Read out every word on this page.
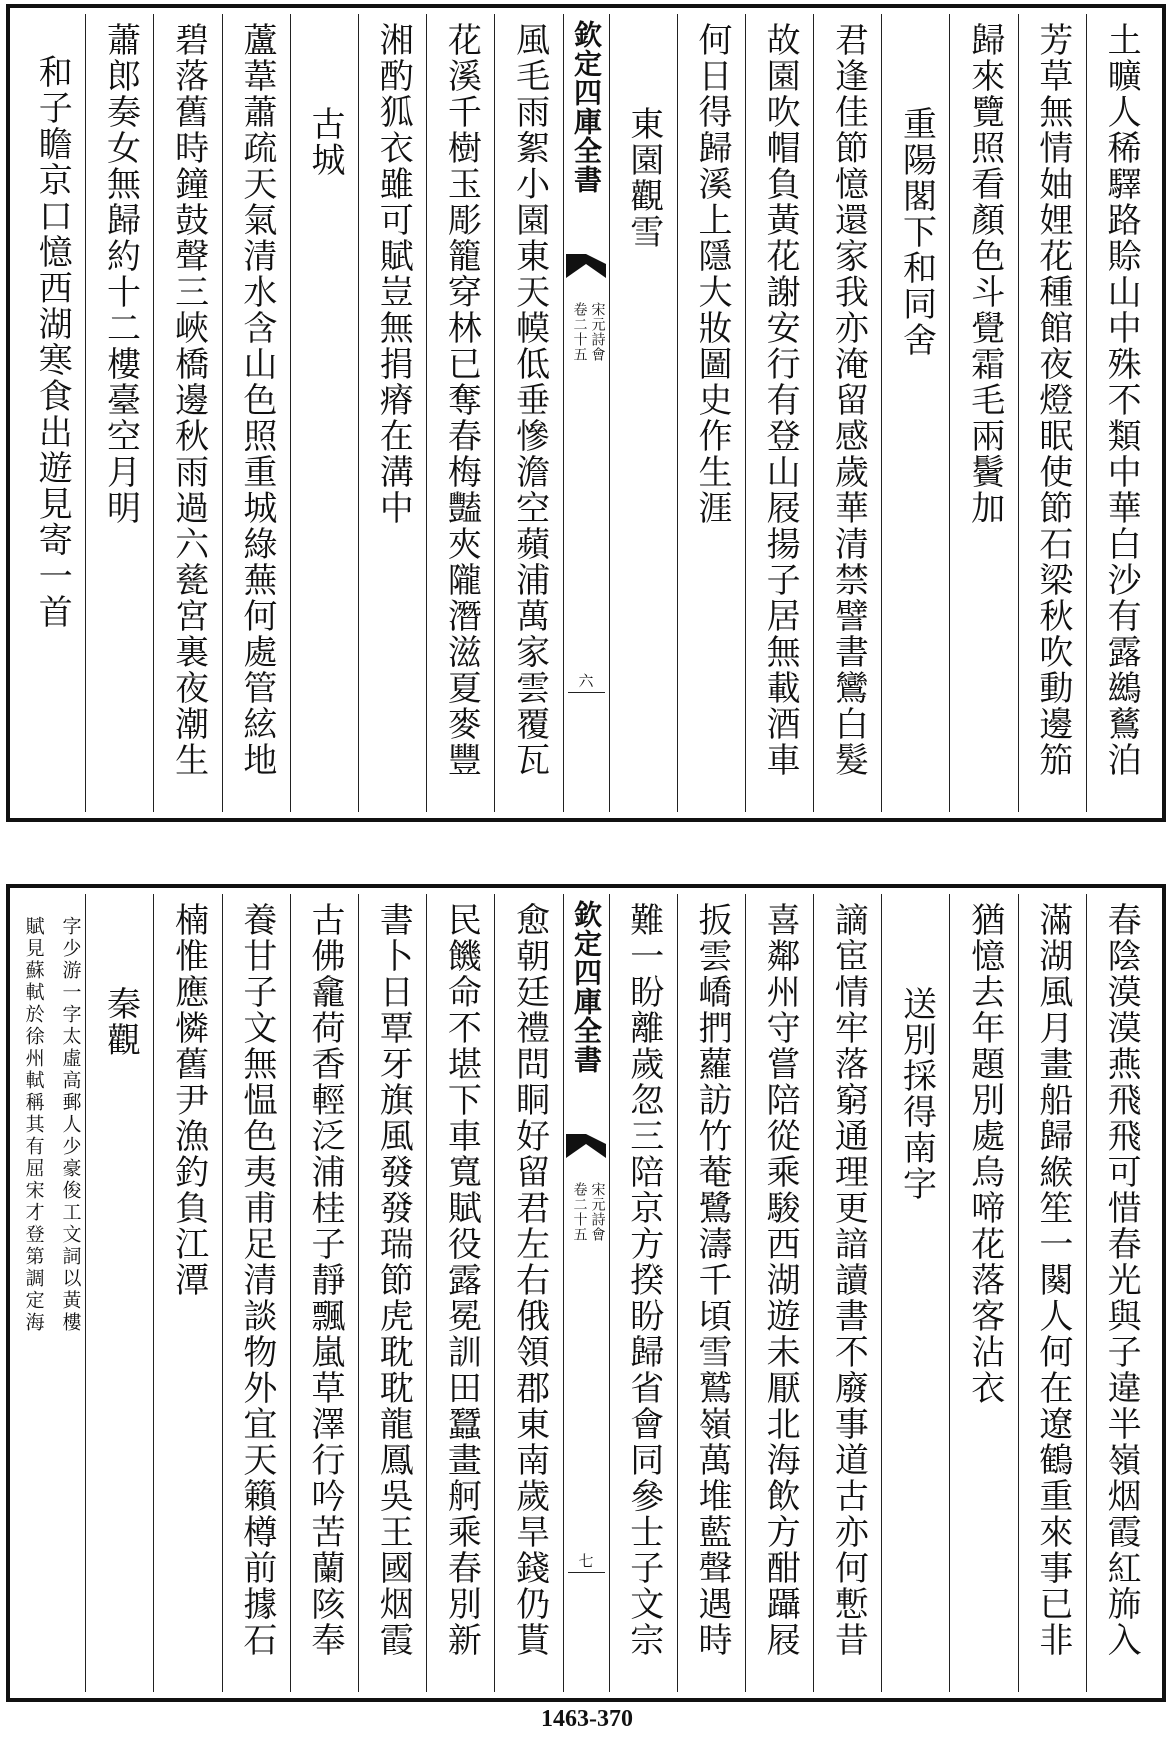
土曠人稀驛路賒山中殊不類中華白沙有露鷀鶿泊
芳草無情妯娌花種館夜燈眠使節石梁秋吹動邊笳
歸來覽照看顏色斗覺霜毛兩鬢加
重陽閣下和同舍
君逢佳節憶還家我亦淹留感歲華清禁譬書鸞白髮
故園吹帽負黃花謝安行有登山屐揚子居無載酒車
何日得歸溪上隱大妝圖史作生涯
東園觀雪
欽定四庫全書
宋元詩會
卷二十五
六
風毛雨絮小園東天幙低垂慘澹空蘋浦萬家雲覆瓦
花溪千樹玉彫籠穿林已奪春梅豔夾隴潛滋夏麥豐
湘酌狐衣雖可賦豈無捐瘠在溝中
古城
蘆葦蕭疏天氣清水含山色照重城綠蕪何處管絃地
碧落舊時鐘鼓聲三峽橋邊秋雨過六甆宮裏夜潮生
蕭郎奏女無歸約十二樓臺空月明
和子瞻京口憶西湖寒食出遊見寄一首
春陰漠漠燕飛飛可惜春光與子違半嶺烟霞紅斾入
滿湖風月畫船歸緱笙一闋人何在遼鶴重來事已非
猶憶去年題別處烏啼花落客沾衣
送別採得南字
謫宦情牢落窮通理更諳讀書不廢事道古亦何慙昔
喜鄰州守嘗陪從乘駿西湖遊未厭北海飲方酣躡屐
扳雲嶠捫蘿訪竹菴鷺濤千頃雪鷲嶺萬堆藍聲遇時
難一盼離歲忽三陪京方揆盼歸省會同參士子文宗
欽定四庫全書
宋元詩會
卷二十五
七
愈朝廷禮問眮好留君左右俄領郡東南歲旱錢仍貰
民饑命不堪下車寬賦役露冕訓田蠶畫舸乘春別新
書卜日覃牙旗風發發瑞節虎耽耽龍鳳吳王國烟霞
古佛龕荷香輕泛浦桂子靜飄嵐草澤行吟苦蘭陔奉
養甘子文無愠色夷甫足清談物外宜天籟樽前據石
楠惟應憐舊尹漁釣負江潭
秦觀
字少游一字太虛高郵人少豪俊工文詞以黃樓
賦見蘇軾於徐州軾稱其有屈宋才登第調定海
1463-370
